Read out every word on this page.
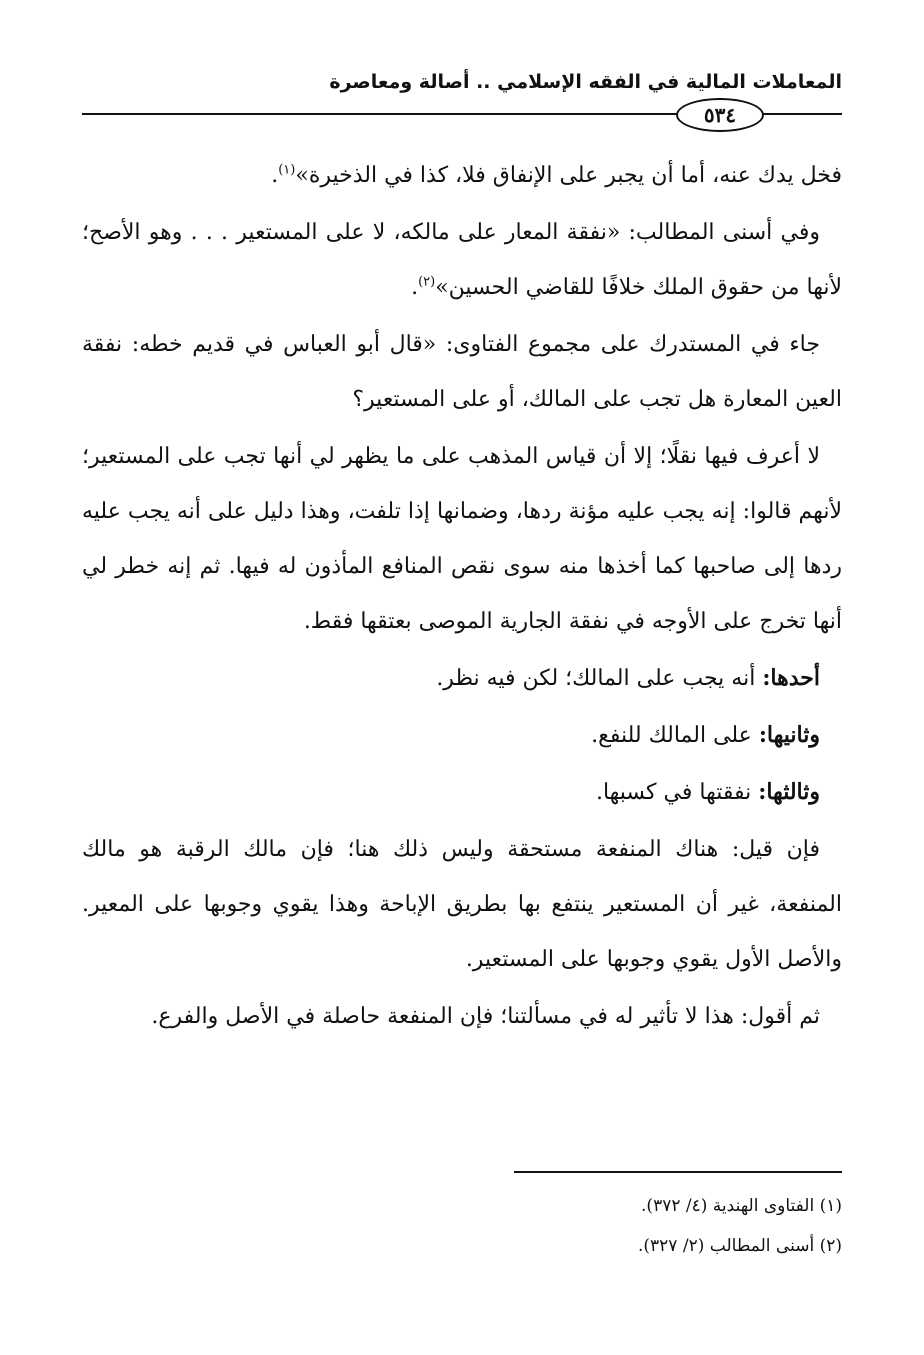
المعاملات المالية في الفقه الإسلامي .. أصالة ومعاصرة
٥٣٤

فخل يدك عنه، أما أن يجبر على الإنفاق فلا، كذا في الذخيرة»$^{(١)}$.

وفي أسنى المطالب: «نفقة المعار على مالكه، لا على المستعير . . . وهو الأصح؛ لأنها من حقوق الملك خلافًا للقاضي الحسين»$^{(٢)}$.

جاء في المستدرك على مجموع الفتاوى: «قال أبو العباس في قديم خطه: نفقة العين المعارة هل تجب على المالك، أو على المستعير؟

لا أعرف فيها نقلًا؛ إلا أن قياس المذهب على ما يظهر لي أنها تجب على المستعير؛ لأنهم قالوا: إنه يجب عليه مؤنة ردها، وضمانها إذا تلفت، وهذا دليل على أنه يجب عليه ردها إلى صاحبها كما أخذها منه سوى نقص المنافع المأذون له فيها. ثم إنه خطر لي أنها تخرج على الأوجه في نفقة الجارية الموصى بعتقها فقط.

أحدها: أنه يجب على المالك؛ لكن فيه نظر.

وثانيها: على المالك للنفع.

وثالثها: نفقتها في كسبها.

فإن قيل: هناك المنفعة مستحقة وليس ذلك هنا؛ فإن مالك الرقبة هو مالك المنفعة، غير أن المستعير ينتفع بها بطريق الإباحة وهذا يقوي وجوبها على المعير. والأصل الأول يقوي وجوبها على المستعير.

ثم أقول: هذا لا تأثير له في مسألتنا؛ فإن المنفعة حاصلة في الأصل والفرع.

(١) الفتاوى الهندية (٤/ ٣٧٢).

(٢) أسنى المطالب (٢/ ٣٢٧).
